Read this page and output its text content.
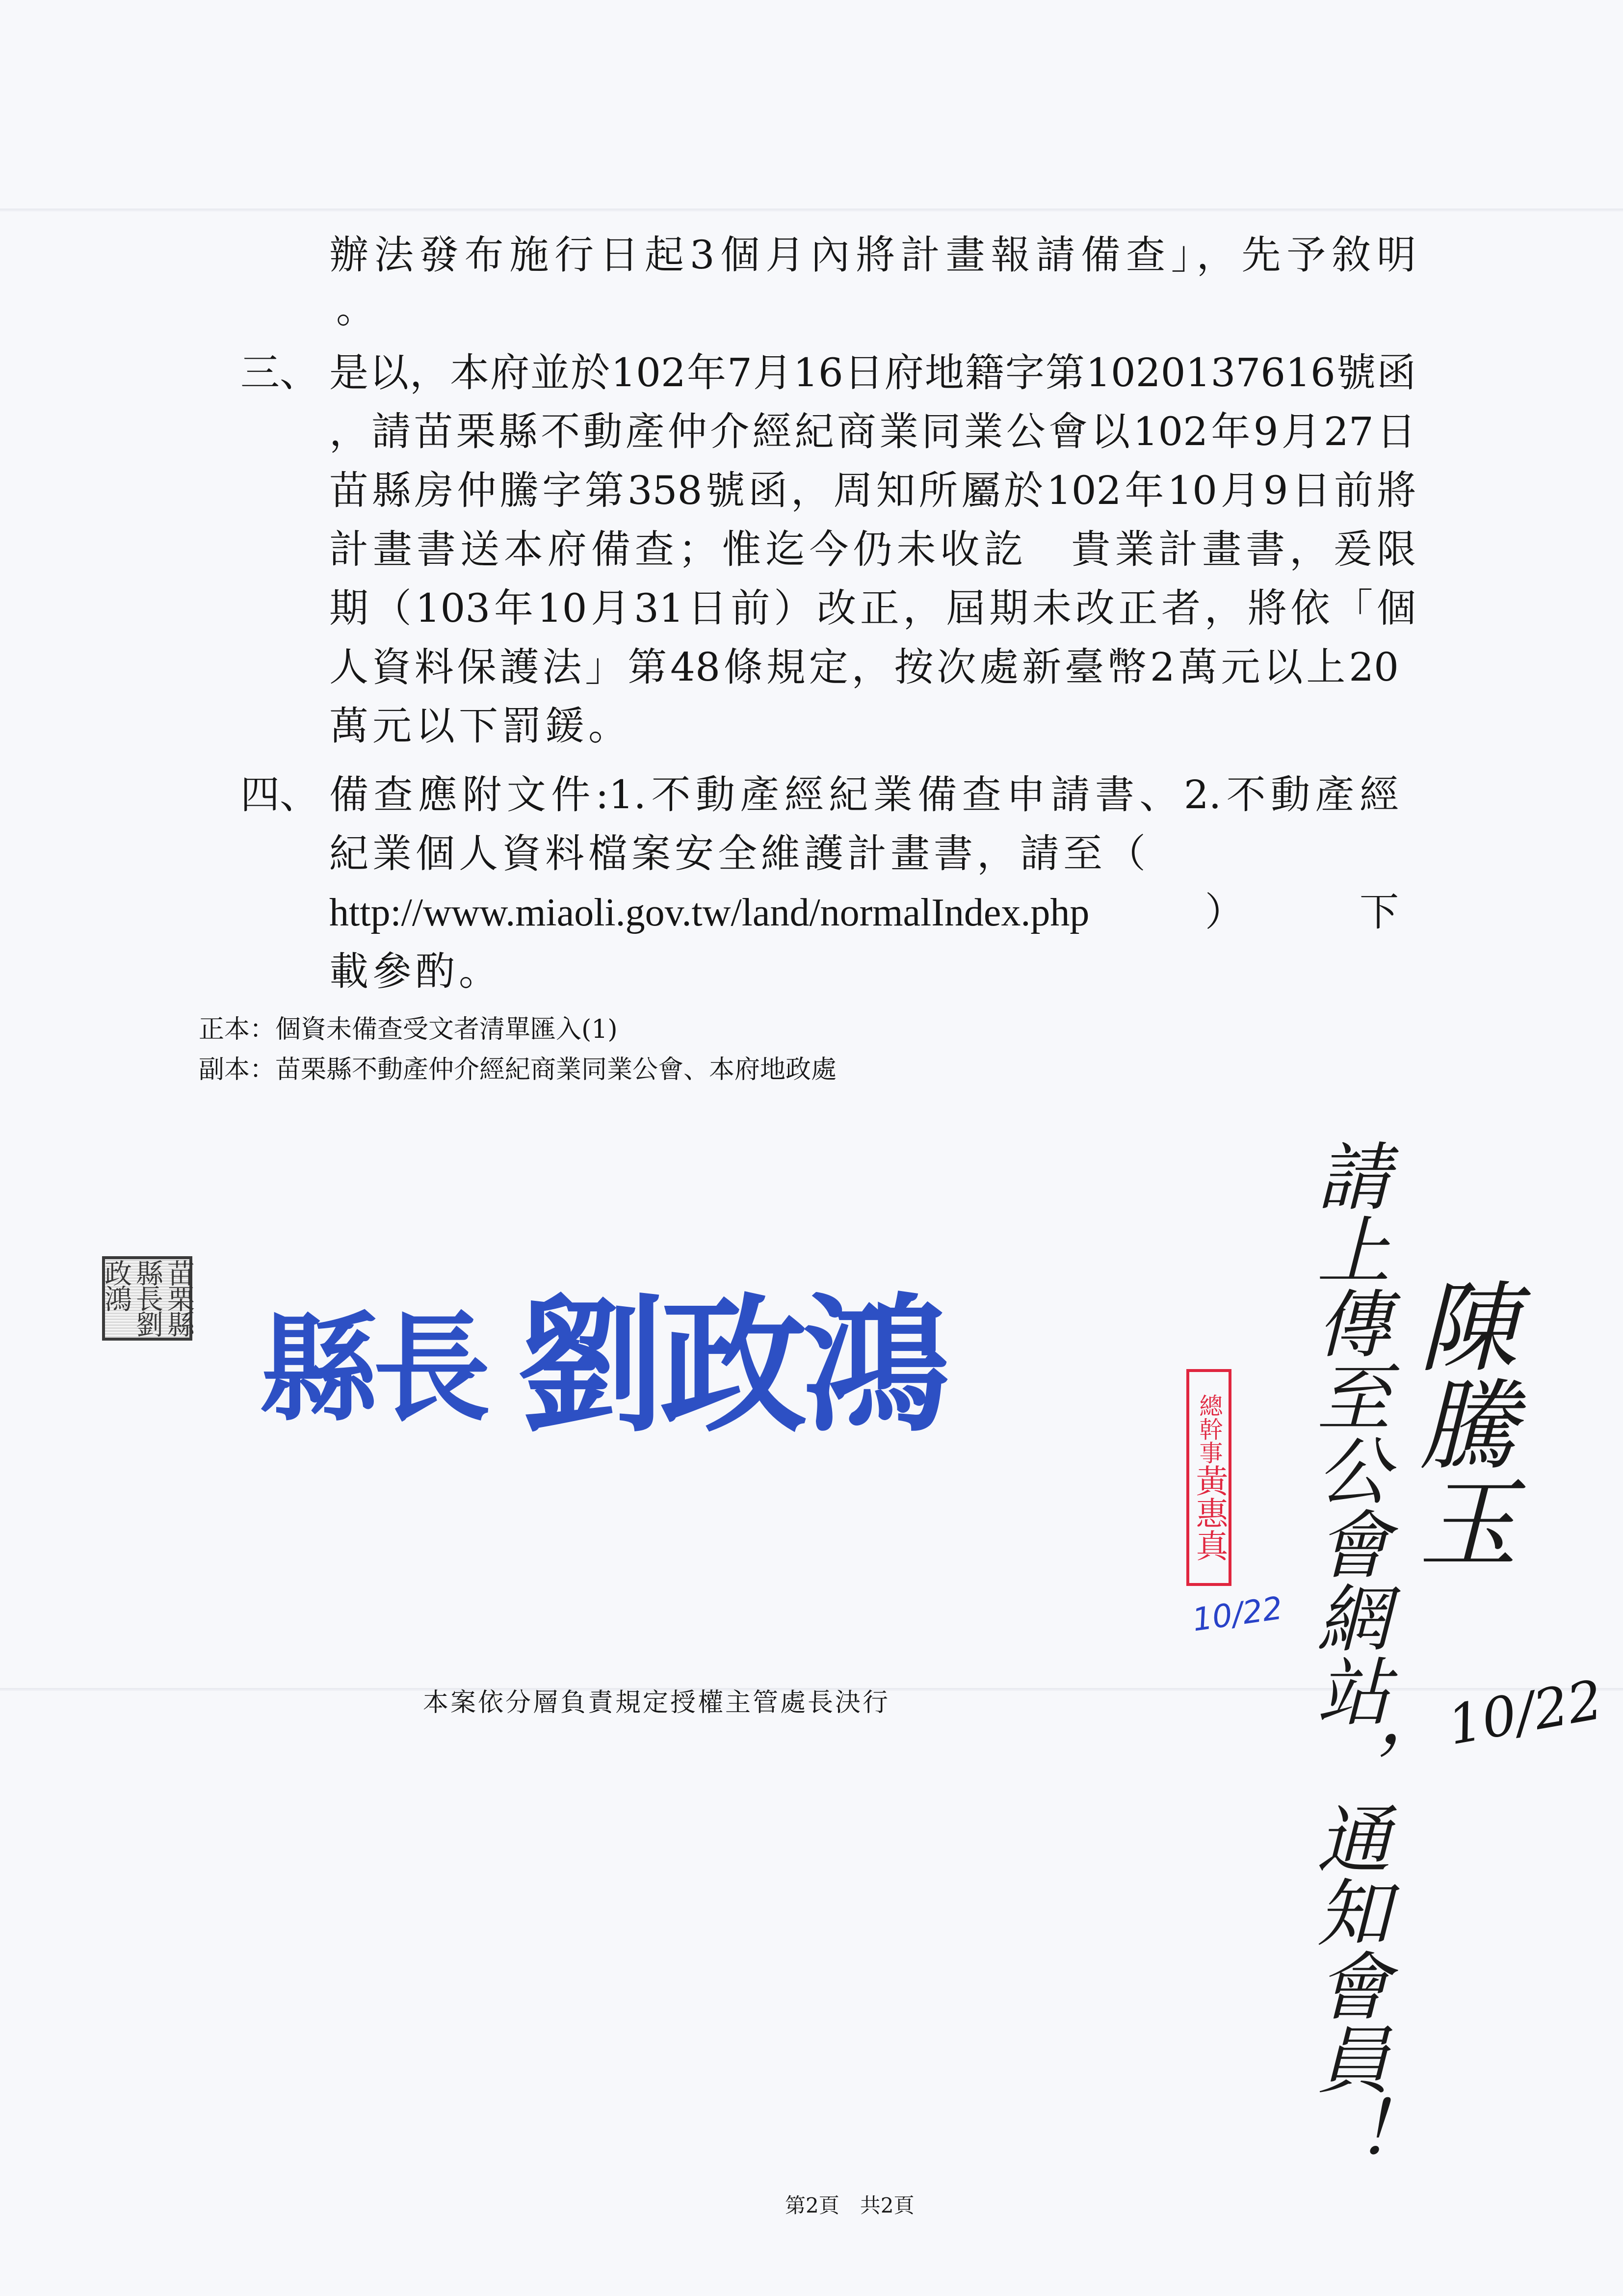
辦法發布施行日起3個月內將計畫報請備查」，先予敘明
。
三、 是以，本府並於102年7月16日府地籍字第1020137616號函
，請苗栗縣不動產仲介經紀商業同業公會以102年9月27日
苗縣房仲騰字第358號函，周知所屬於102年10月9日前將
計畫書送本府備查；惟迄今仍未收訖　貴業計畫書，爰限
期（103年10月31日前）改正，屆期未改正者，將依「個
人資料保護法」第48條規定，按次處新臺幣2萬元以上20
萬元以下罰鍰。
四、 備查應附文件:1.不動產經紀業備查申請書、2.不動產經
紀業個人資料檔案安全維護計畫書，請至（
http://www.miaoli.gov.tw/land/normalIndex.php）下
載參酌。
正本：個資未備查受文者清單匯入(1)
副本：苗栗縣不動產仲介經紀商業同業公會、本府地政處
苗栗縣縣長劉政鴻
縣長 劉政鴻	總幹事
黃惠真
10/22 請上傳至公會網站，通知會員！ 陳騰玉
10/22
本案依分層負責規定授權主管處長決行
第2頁　共2頁
